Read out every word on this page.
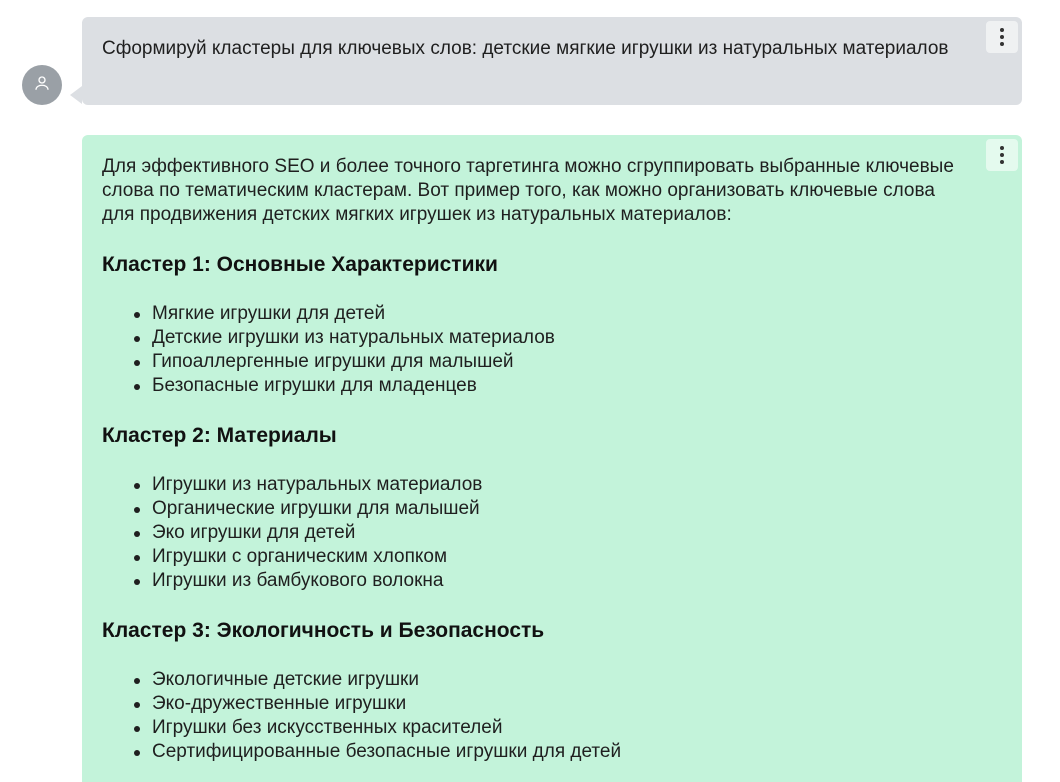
Сформируй кластеры для ключевых слов: детские мягкие игрушки из натуральных материалов

Для эффективного SEO и более точного таргетинга можно сгруппировать выбранные ключевые слова по тематическим кластерам. Вот пример того, как можно организовать ключевые слова для продвижения детских мягких игрушек из натуральных материалов:

Кластер 1: Основные Характеристики
Мягкие игрушки для детей
Детские игрушки из натуральных материалов
Гипоаллергенные игрушки для малышей
Безопасные игрушки для младенцев
Кластер 2: Материалы
Игрушки из натуральных материалов
Органические игрушки для малышей
Эко игрушки для детей
Игрушки с органическим хлопком
Игрушки из бамбукового волокна
Кластер 3: Экологичность и Безопасность
Экологичные детские игрушки
Эко-дружественные игрушки
Игрушки без искусственных красителей
Сертифицированные безопасные игрушки для детей
